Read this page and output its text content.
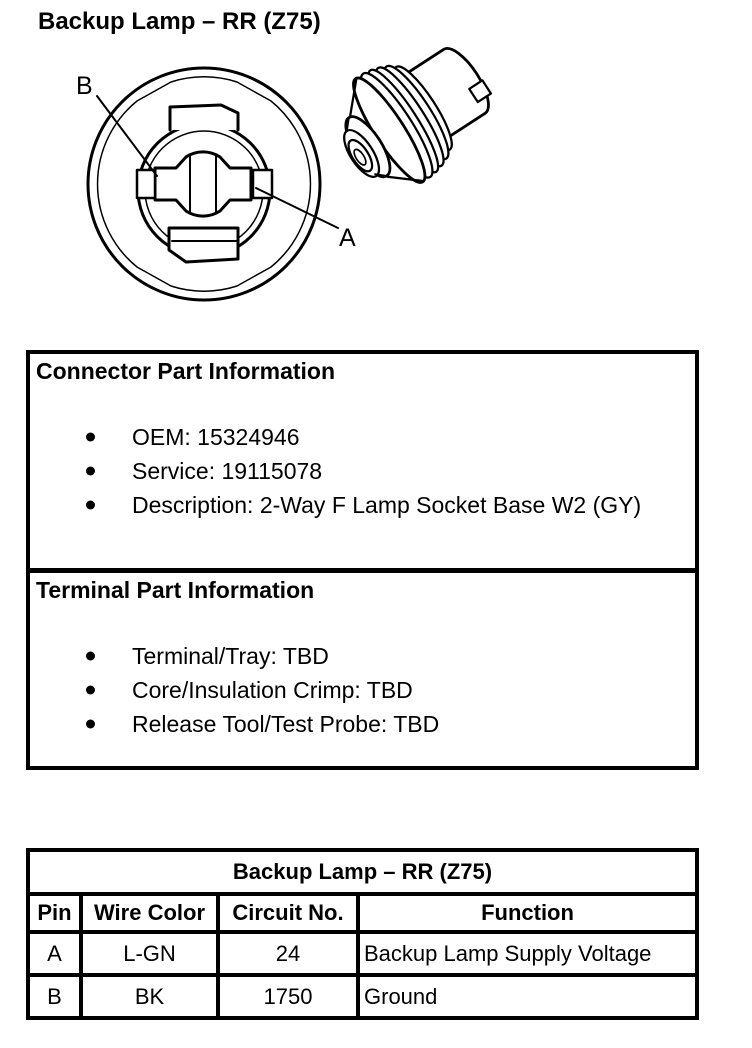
Backup Lamp – RR (Z75)
B
A
Connector Part Information
OEM: 15324946
Service: 19115078
Description: 2-Way F Lamp Socket Base W2 (GY)
Terminal Part Information
Terminal/Tray: TBD
Core/Insulation Crimp: TBD
Release Tool/Test Probe: TBD
Backup Lamp – RR (Z75)			
Pin	Wire Color	Circuit No.	Function
A	L-GN	24	Backup Lamp Supply Voltage
B	BK	1750	Ground
